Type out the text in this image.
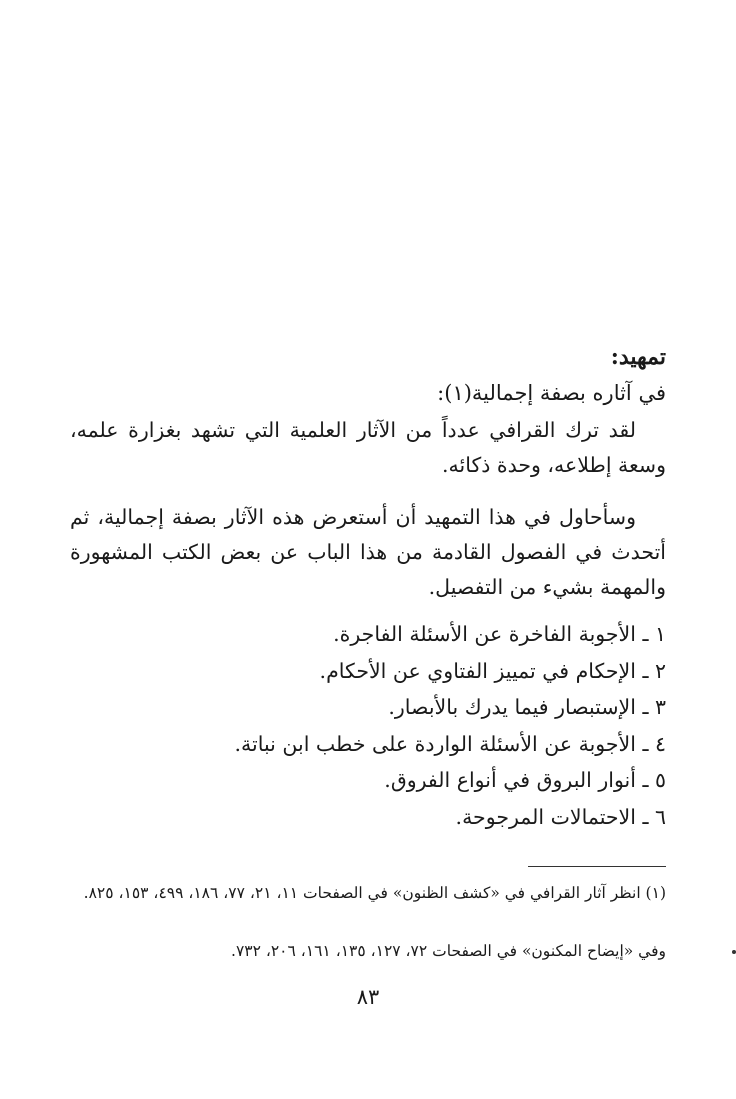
تمهيد:
في آثاره بصفة إجمالية(١):

لقد ترك القرافي عدداً من الآثار العلمية التي تشهد بغزارة علمه، وسعة إطلاعه، وحدة ذكائه.

وسأحاول في هذا التمهيد أن أستعرض هذه الآثار بصفة إجمالية، ثم أتحدث في الفصول القادمة من هذا الباب عن بعض الكتب المشهورة والمهمة بشيء من التفصيل.

١ ـ الأجوبة الفاخرة عن الأسئلة الفاجرة.
٢ ـ الإحكام في تمييز الفتاوي عن الأحكام.
٣ ـ الإستبصار فيما يدرك بالأبصار.
٤ ـ الأجوبة عن الأسئلة الواردة على خطب ابن نباتة.
٥ ـ أنوار البروق في أنواع الفروق.
٦ ـ الاحتمالات المرجوحة.
(١) انظر آثار القرافي في «كشف الظنون» في الصفحات ١١، ٢١، ٧٧، ١٨٦، ٤٩٩، ١٥٣، ٨٢٥.
وفي «إيضاح المكنون» في الصفحات ٧٢، ١٢٧، ١٣٥، ١٦١، ٢٠٦، ٧٣٢.
٨٣
